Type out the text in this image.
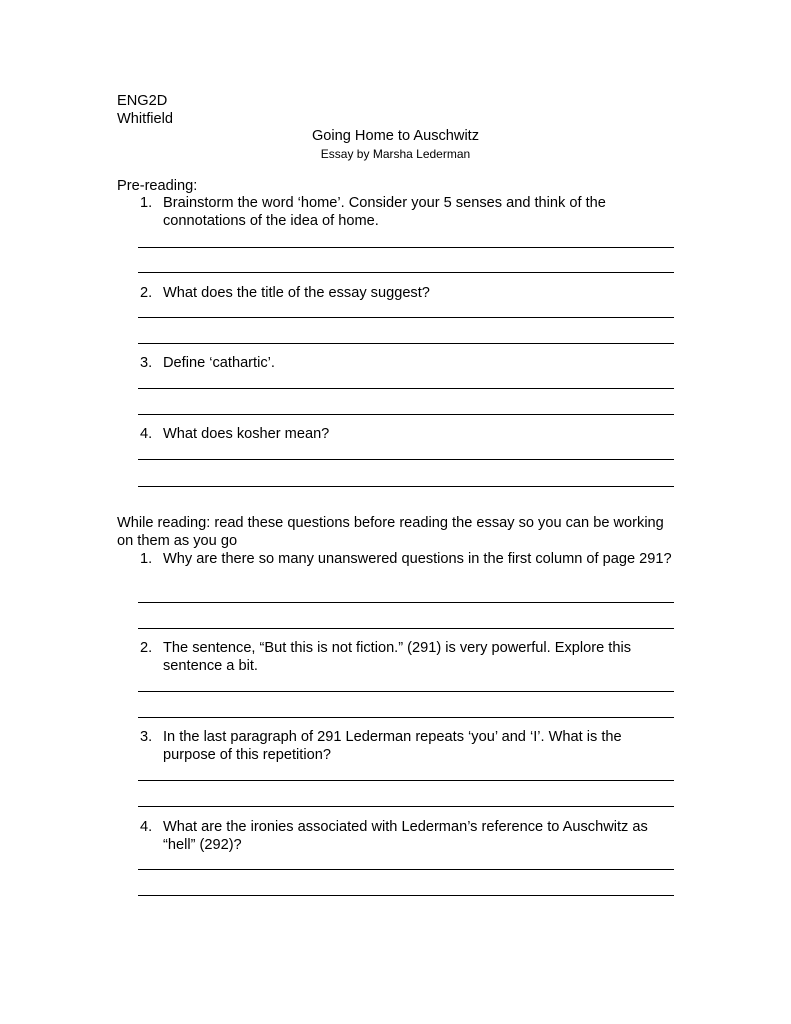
ENG2D
Whitfield
Going Home to Auschwitz
Essay by Marsha Lederman
Pre-reading:
1. Brainstorm the word ‘home’. Consider your 5 senses and think of the connotations of the idea of home.
2. What does the title of the essay suggest?
3. Define ‘cathartic’.
4. What does kosher mean?
While reading: read these questions before reading the essay so you can be working on them as you go
1. Why are there so many unanswered questions in the first column of page 291?
2. The sentence, “But this is not fiction.” (291) is very powerful. Explore this sentence a bit.
3. In the last paragraph of 291 Lederman repeats ‘you’ and ‘I’. What is the purpose of this repetition?
4. What are the ironies associated with Lederman’s reference to Auschwitz as “hell” (292)?
